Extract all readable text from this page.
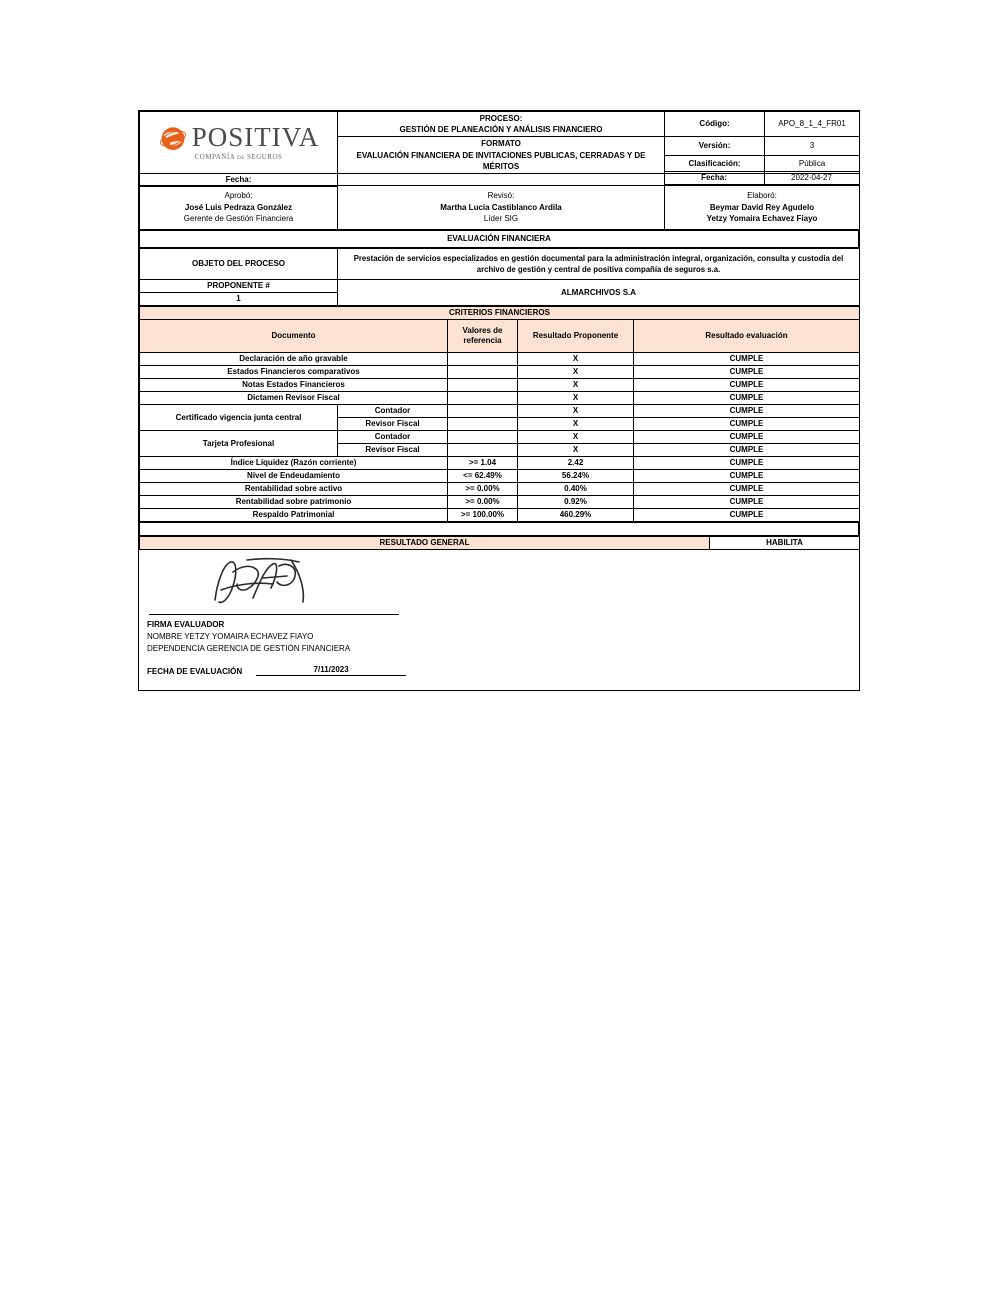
POSITIVA
COMPAÑÍA DE SEGUROS

PROCESO:
GESTIÓN DE PLANEACIÓN Y ANÁLISIS FINANCIERO
	Código:	APO_8_1_4_FR01

	FORMATO
EVALUACIÓN FINANCIERA DE INVITACIONES PUBLICAS, CERRADAS Y DE MÉRITOS	Versión:	3
		Clasificación:	Pública
Fecha:		
			Fecha:	2022-04-27
Aprobó:
José Luis Pedraza González
Gerente de Gestión Financiera

Revisó:
Martha Lucía Castiblanco Ardila
Líder SIG

Elaboró:
Beymar David Rey Agudelo
Yetzy Yomaira Echavez Fiayo
EVALUACIÓN FINANCIERA
OBJETO DEL PROCESO	Prestación de servicios especializados en gestión documental para la administración integral, organización, consulta y custodia del archivo de gestión y central de positiva compañía de seguros s.a.
PROPONENTE #	ALMARCHIVOS S.A
1	
CRITERIOS FINANCIEROS				
Documento		Valores de referencia	Resultado Proponente	Resultado evaluación
Declaración de año gravable			X	CUMPLE
Estados Financieros comparativos			X	CUMPLE
Notas Estados Financieros			X	CUMPLE
Dictamen Revisor Fiscal			X	CUMPLE
Certificado vigencia junta central	Contador		X	CUMPLE
	Revisor Fiscal		X	CUMPLE
Tarjeta Profesional	Contador		X	CUMPLE
	Revisor Fiscal		X	CUMPLE
Índice Líquidez (Razón corriente)		>= 1.04	2.42	CUMPLE
Nivel de Endeudamiento		<= 62.49%	56.24%	CUMPLE
Rentabilidad sobre activo		>= 0.00%	0.40%	CUMPLE
Rentabilidad sobre patrimonio		>= 0.00%	0.92%	CUMPLE
Respaldo Patrimonial		>= 100.00%	460.29%	CUMPLE

RESULTADO GENERAL	HABILITA
FIRMA EVALUADOR
NOMBRE YETZY YOMAIRA ECHAVEZ FIAYO
DEPENDENCIA GERENCIA DE GESTIÓN FINANCIERA
FECHA DE EVALUACIÓN	7/11/2023
